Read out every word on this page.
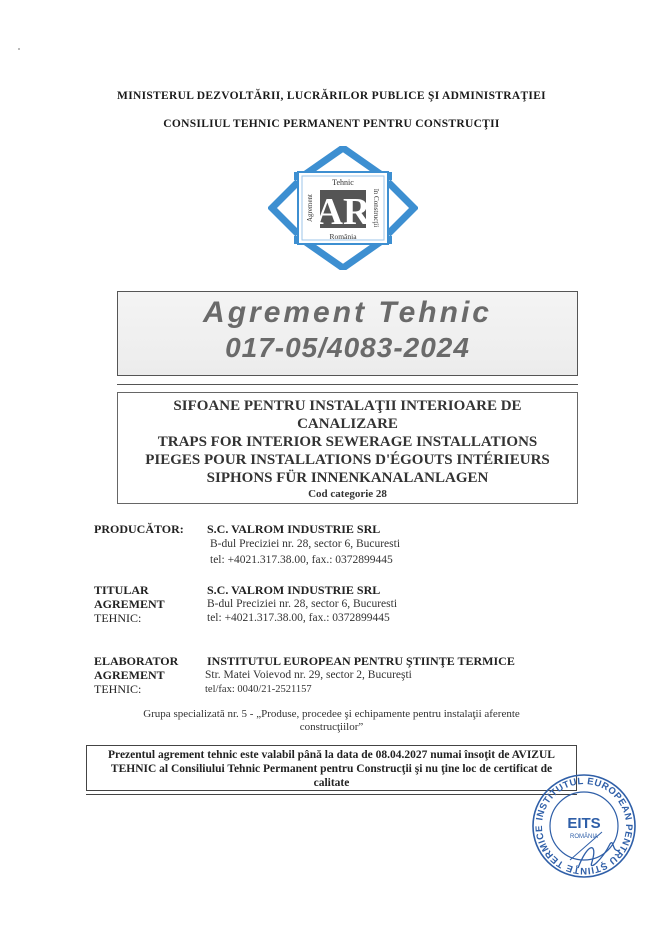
MINISTERUL DEZVOLTĂRII, LUCRĂRILOR PUBLICE ŞI ADMINISTRAŢIEI
CONSILIUL TEHNIC PERMANENT PENTRU CONSTRUCŢII
AR
Tehnic
România
Agrement	în Construcţii
Agrement Tehnic
017-05/4083-2024
SIFOANE PENTRU INSTALAŢII INTERIOARE DE
CANALIZARE
TRAPS FOR INTERIOR SEWERAGE INSTALLATIONS
PIEGES POUR INSTALLATIONS D'ÉGOUTS INTÉRIEURS
SIPHONS FÜR INNENKANALANLAGEN
Cod categorie 28
PRODUCĂTOR: S.C. VALROM INDUSTRIE SRL
B-dul Preciziei nr. 28, sector 6, Bucuresti
tel: +4021.317.38.00, fax.: 0372899445
TITULAR
AGREMENT
TEHNIC:
S.C. VALROM INDUSTRIE SRL
B-dul Preciziei nr. 28, sector 6, Bucuresti
tel: +4021.317.38.00, fax.: 0372899445
ELABORATOR
AGREMENT
TEHNIC:
INSTITUTUL EUROPEAN PENTRU ŞTIINŢE TERMICE
Str. Matei Voievod nr. 29, sector 2, Bucureşti
tel/fax: 0040/21-2521157
Grupa specializată nr. 5 - „Produse, procedee şi echipamente pentru instalaţii aferente
construcţiilor”
Prezentul agrement tehnic este valabil până la data de 08.04.2027 numai însoţit de AVIZUL
TEHNIC al Consiliului Tehnic Permanent pentru Construcţii şi nu ţine loc de certificat de
calitate
INSTITUTUL EUROPEAN PENTRU ŞTIINŢE TERMICE	EITS
ROMÂNIA
